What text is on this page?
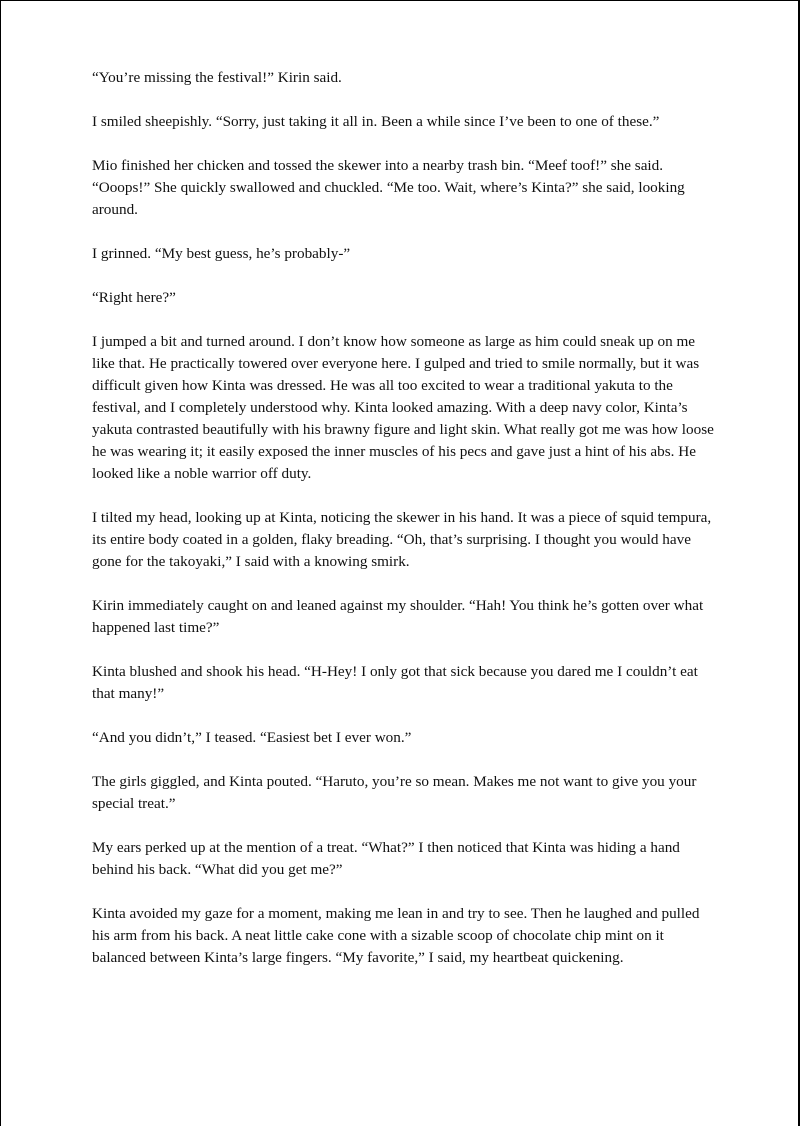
“You’re missing the festival!” Kirin said.

I smiled sheepishly. “Sorry, just taking it all in. Been a while since I’ve been to one of these.”

Mio finished her chicken and tossed the skewer into a nearby trash bin. “Meef toof!” she said. “Ooops!” She quickly swallowed and chuckled. “Me too. Wait, where’s Kinta?” she said, looking around.

I grinned. “My best guess, he’s probably-”

“Right here?”

I jumped a bit and turned around. I don’t know how someone as large as him could sneak up on me like that. He practically towered over everyone here. I gulped and tried to smile normally, but it was difficult given how Kinta was dressed. He was all too excited to wear a traditional yakuta to the festival, and I completely understood why. Kinta looked amazing. With a deep navy color, Kinta’s yakuta contrasted beautifully with his brawny figure and light skin. What really got me was how loose he was wearing it; it easily exposed the inner muscles of his pecs and gave just a hint of his abs. He looked like a noble warrior off duty.

I tilted my head, looking up at Kinta, noticing the skewer in his hand. It was a piece of squid tempura, its entire body coated in a golden, flaky breading. “Oh, that’s surprising. I thought you would have gone for the takoyaki,” I said with a knowing smirk.

Kirin immediately caught on and leaned against my shoulder. “Hah! You think he’s gotten over what happened last time?”

Kinta blushed and shook his head. “H-Hey! I only got that sick because you dared me I couldn’t eat that many!”

“And you didn’t,” I teased. “Easiest bet I ever won.”

The girls giggled, and Kinta pouted. “Haruto, you’re so mean. Makes me not want to give you your special treat.”

My ears perked up at the mention of a treat. “What?” I then noticed that Kinta was hiding a hand behind his back. “What did you get me?”

Kinta avoided my gaze for a moment, making me lean in and try to see. Then he laughed and pulled his arm from his back. A neat little cake cone with a sizable scoop of chocolate chip mint on it balanced between Kinta’s large fingers. “My favorite,” I said, my heartbeat quickening.
